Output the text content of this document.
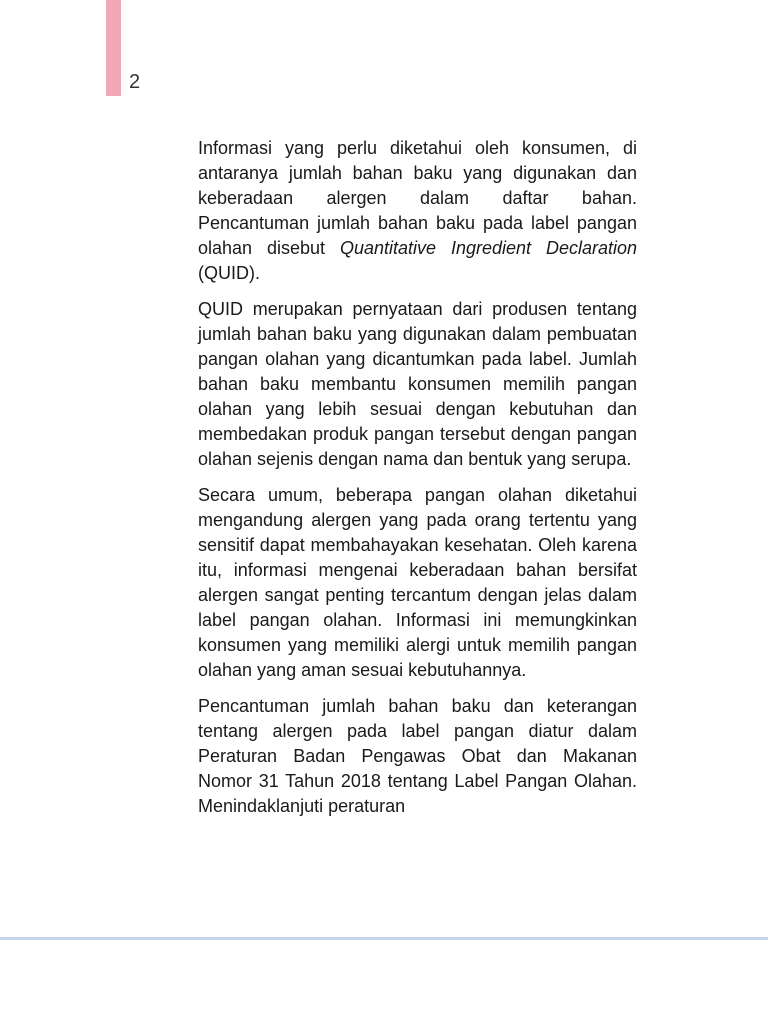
2

Informasi yang perlu diketahui oleh konsumen, di antaranya jumlah bahan baku yang digunakan dan keberadaan alergen dalam daftar bahan. Pencantuman jumlah bahan baku pada label pangan olahan disebut Quantitative Ingredient Declaration (QUID).

QUID merupakan pernyataan dari produsen tentang jumlah bahan baku yang digunakan dalam pembuatan pangan olahan yang dicantumkan pada label. Jumlah bahan baku membantu konsumen memilih pangan olahan yang lebih sesuai dengan kebutuhan dan membedakan produk pangan tersebut dengan pangan olahan sejenis dengan nama dan bentuk yang serupa.

Secara umum, beberapa pangan olahan diketahui mengandung alergen yang pada orang tertentu yang sensitif dapat membahayakan kesehatan. Oleh karena itu, informasi mengenai keberadaan bahan bersifat alergen sangat penting tercantum dengan jelas dalam label pangan olahan. Informasi ini memungkinkan konsumen yang memiliki alergi untuk memilih pangan olahan yang aman sesuai kebutuhannya.

Pencantuman jumlah bahan baku dan keterangan tentang alergen pada label pangan diatur dalam Peraturan Badan Pengawas Obat dan Makanan Nomor 31 Tahun 2018 tentang Label Pangan Olahan. Menindaklanjuti peraturan
